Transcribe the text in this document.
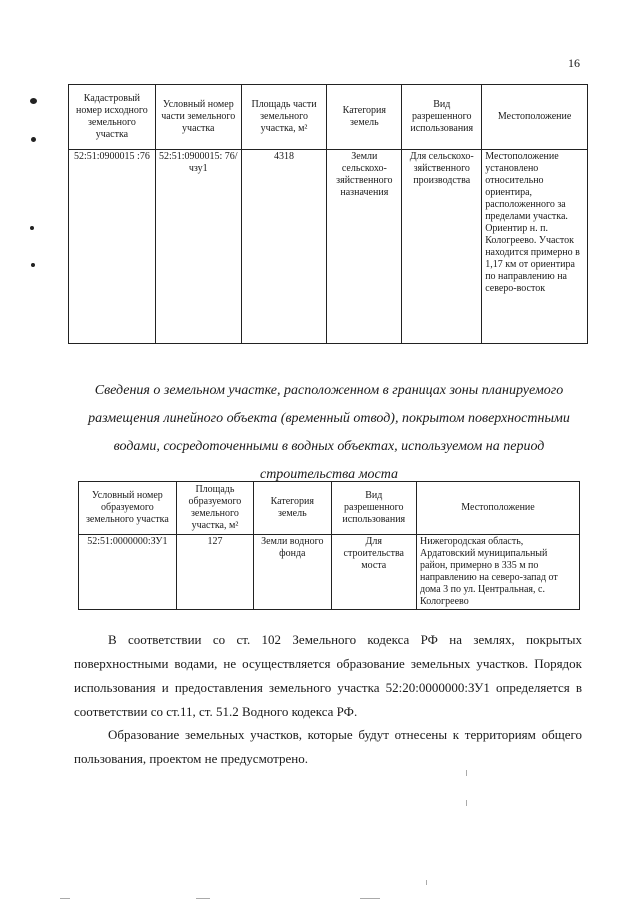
16
Кадастровый номер исходного земельного участка	Условный номер части земельного участка	Площадь части земельного участка, м²	Категория земель	Вид разрешенного использования	Местоположение
52:51:0900015 :76	52:51:0900015: 76/чзу1	4318	Земли сельскохо-зяйственного назначения	Для сельскохо-зяйственного производства	Местоположение установлено относительно ориентира, расположенного за пределами участка. Ориентир н. п. Кологреево. Участок находится примерно в 1,17 км от ориентира по направлению на северо-восток
Сведения о земельном участке, расположенном в границах зоны планируемого размещения линейного объекта (временный отвод), покрытом поверхностными водами, сосредоточенными в водных объектах, используемом на период строительства моста
Условный номер образуемого земельного участка	Площадь образуемого земельного участка, м²	Категория земель	Вид разрешенного использования	Местоположение
52:51:0000000:ЗУ1	127	Земли водного фонда	Для строительства моста	Нижегородская область, Ардатовский муниципальный район, примерно в 335 м по направлению на северо-запад от дома 3 по ул. Центральная, с. Кологреево

В соответствии со ст. 102 Земельного кодекса РФ на землях, покрытых поверхностными водами, не осуществляется образование земельных участков. Порядок использования и предоставления земельного участка 52:20:0000000:ЗУ1 определяется в соответствии со ст.11, ст. 51.2 Водного кодекса РФ.

Образование земельных участков, которые будут отнесены к территориям общего пользования, проектом не предусмотрено.
